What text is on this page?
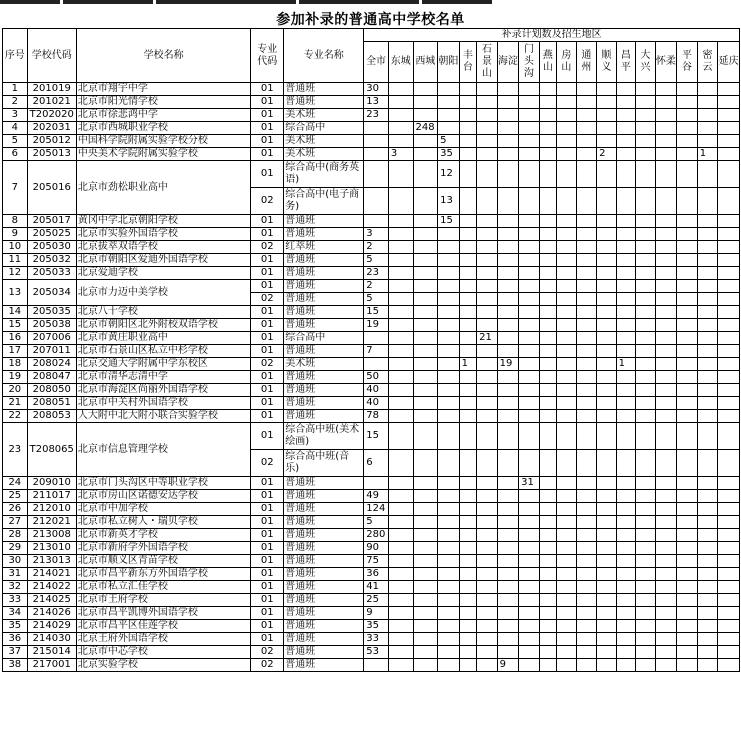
参加补录的普通高中学校名单
序号	学校代码	学校名称	专业代码	专业名称	补录计划数及招生地区																	
					全市	东城	西城	朝阳	丰台	石景山	海淀	门头沟	燕山	房山	通州	顺义	昌平	大兴	怀柔	平谷	密云	延庆
1	201019	北京市翔宇中学	01	普通班	30																	
2	201021	北京市阳光情学校	01	普通班	13																	
3	T202020	北京市徐悲鸿中学	01	美术班	23																	
4	202031	北京市西城职业学校	01	综合高中			248															
5	205012	中国科学院附属实验学校分校	01	美术班				5														
6	205013	中央美术学院附属实验学校	01	美术班		3		35								2					1	
7	205016	北京市劲松职业高中	01	综合高中(商务英语)				12														
			02	综合高中(电子商务)				13														
8	205017	黄冈中学北京朝阳学校	01	普通班				15														
9	205025	北京市实验外国语学校	01	普通班	3																	
10	205030	北京拔萃双语学校	02	红萃班	2																	
11	205032	北京市朝阳区爱迪外国语学校	01	普通班	5																	
12	205033	北京爱迪学校	01	普通班	23																	
13	205034	北京市力迈中美学校	01	普通班	2																	
			02	普通班	5																	
14	205035	北京八十学校	01	普通班	15																	
15	205038	北京市朝阳区北外附校双语学校	01	普通班	19																	
16	207006	北京市黄庄职业高中	01	综合高中						21												
17	207011	北京市石景山区私立中杉学校	01	普通班	7																	
18	208024	北京交通大学附属中学东校区	02	美术班					1		19						1					
19	208047	北京市清华志清中学	01	普通班	50																	
20	208050	北京市海淀区尚丽外国语学校	01	普通班	40																	
21	208051	北京市中关村外国语学校	01	普通班	40																	
22	208053	人大附中北大附小联合实验学校	01	普通班	78																	
23	T208065	北京市信息管理学校	01	综合高中班(美术绘画)	15																	
			02	综合高中班(音乐)	6																	
24	209010	北京市门头沟区中等职业学校	01	普通班								31										
25	211017	北京市房山区诺德安达学校	01	普通班	49																	
26	212010	北京市中加学校	01	普通班	124																	
27	212021	北京市私立树人・瑞贝学校	01	普通班	5																	
28	213008	北京市新英才学校	01	普通班	280																	
29	213010	北京市新府学外国语学校	01	普通班	90																	
30	213013	北京市顺义区青苗学校	01	普通班	75																	
31	214021	北京市昌平新东方外国语学校	01	普通班	36																	
32	214022	北京市私立汇佳学校	01	普通班	41																	
33	214025	北京市王府学校	01	普通班	25																	
34	214026	北京市昌平凯博外国语学校	01	普通班	9																	
35	214029	北京市昌平区佳莲学校	01	普通班	35																	
36	214030	北京王府外国语学校	01	普通班	33																	
37	215014	北京市中芯学校	02	普通班	53																	
38	217001	北京实验学校	02	普通班							9											
